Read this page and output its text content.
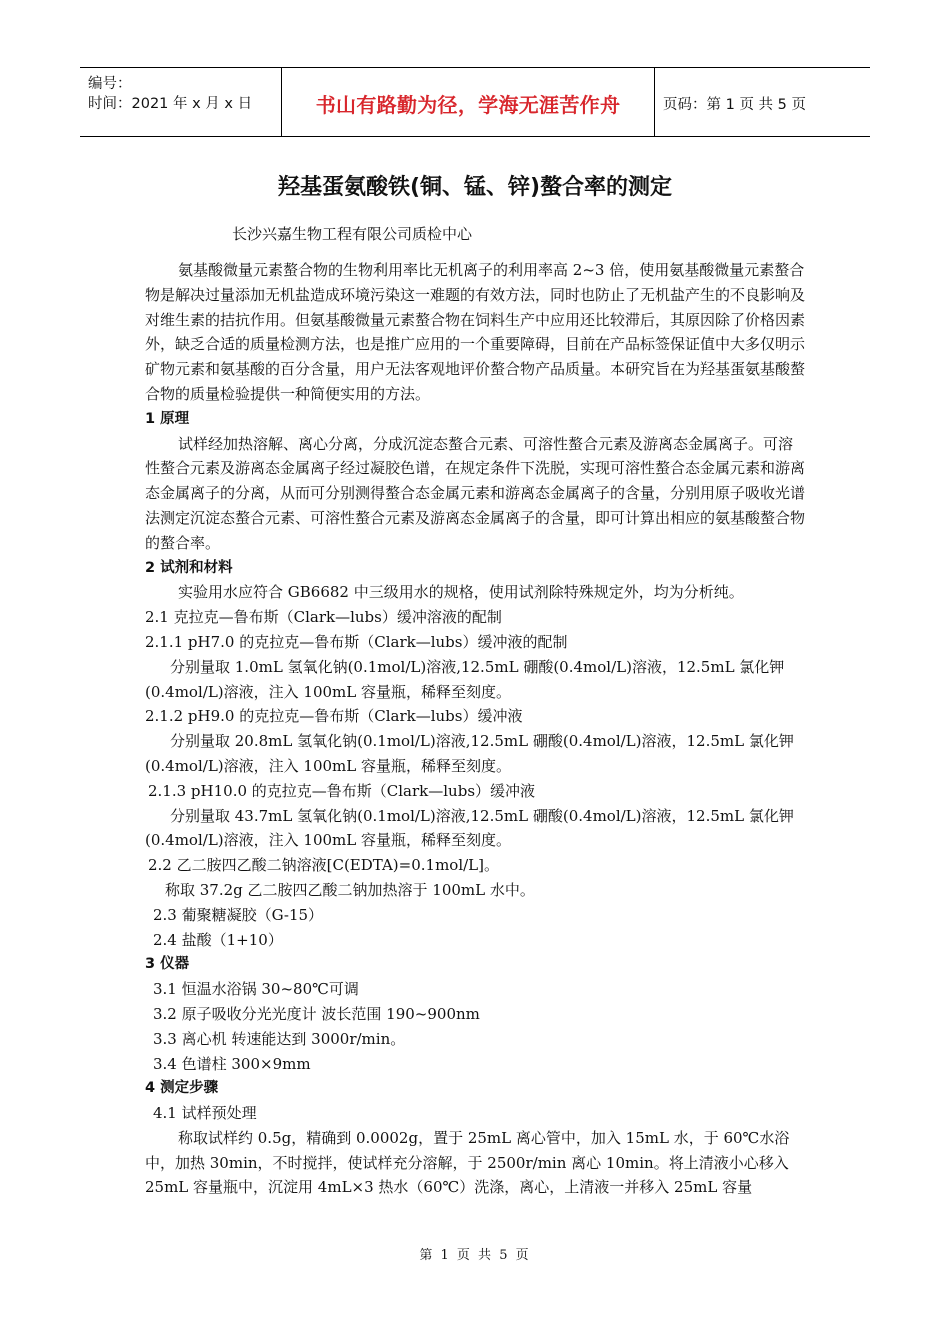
编号：
时间：2021 年 x 月 x 日	书山有路勤为径，学海无涯苦作舟	页码：第 1 页 共 5 页
羟基蛋氨酸铁(铜、锰、锌)螯合率的测定
长沙兴嘉生物工程有限公司质检中心

氨基酸微量元素螯合物的生物利用率比无机离子的利用率高 2~3 倍，使用氨基酸微量元素螯合物是解决过量添加无机盐造成环境污染这一难题的有效方法，同时也防止了无机盐产生的不良影响及对维生素的拮抗作用。但氨基酸微量元素螯合物在饲料生产中应用还比较滞后，其原因除了价格因素外，缺乏合适的质量检测方法，也是推广应用的一个重要障碍，目前在产品标签保证值中大多仅明示矿物元素和氨基酸的百分含量，用户无法客观地评价螯合物产品质量。本研究旨在为羟基蛋氨基酸螯合物的质量检验提供一种简便实用的方法。

1 原理

试样经加热溶解、离心分离，分成沉淀态螯合元素、可溶性螯合元素及游离态金属离子。可溶性螯合元素及游离态金属离子经过凝胶色谱，在规定条件下洗脱，实现可溶性螯合态金属元素和游离态金属离子的分离，从而可分别测得螯合态金属元素和游离态金属离子的含量，分别用原子吸收光谱法测定沉淀态螯合元素、可溶性螯合元素及游离态金属离子的含量，即可计算出相应的氨基酸螯合物的螯合率。

2 试剂和材料

实验用水应符合 GB6682 中三级用水的规格，使用试剂除特殊规定外，均为分析纯。

2.1 克拉克—鲁布斯（Clark—lubs）缓冲溶液的配制

2.1.1 pH7.0 的克拉克—鲁布斯（Clark—lubs）缓冲液的配制

分别量取 1.0mL 氢氧化钠(0.1mol/L)溶液,12.5mL 硼酸(0.4mol/L)溶液，12.5mL 氯化钾(0.4mol/L)溶液，注入 100mL 容量瓶，稀释至刻度。

2.1.2 pH9.0 的克拉克—鲁布斯（Clark—lubs）缓冲液

分别量取 20.8mL 氢氧化钠(0.1mol/L)溶液,12.5mL 硼酸(0.4mol/L)溶液，12.5mL 氯化钾(0.4mol/L)溶液，注入 100mL 容量瓶，稀释至刻度。

2.1.3 pH10.0 的克拉克—鲁布斯（Clark—lubs）缓冲液

分别量取 43.7mL 氢氧化钠(0.1mol/L)溶液,12.5mL 硼酸(0.4mol/L)溶液，12.5mL 氯化钾(0.4mol/L)溶液，注入 100mL 容量瓶，稀释至刻度。

2.2 乙二胺四乙酸二钠溶液[C(EDTA)=0.1mol/L]。

称取 37.2g 乙二胺四乙酸二钠加热溶于 100mL 水中。

2.3 葡聚糖凝胶（G-15）

2.4 盐酸（1+10）

3 仪器

3.1 恒温水浴锅 30~80℃可调

3.2 原子吸收分光光度计 波长范围 190~900nm

3.3 离心机 转速能达到 3000r/min。

3.4 色谱柱 300×9mm

4 测定步骤

4.1 试样预处理

称取试样约 0.5g，精确到 0.0002g，置于 25mL 离心管中，加入 15mL 水，于 60℃水浴中，加热 30min，不时搅拌，使试样充分溶解，于 2500r/min 离心 10min。将上清液小心移入 25mL 容量瓶中，沉淀用 4mL×3 热水（60℃）洗涤，离心，上清液一并移入 25mL 容量

第 1 页 共 5 页
